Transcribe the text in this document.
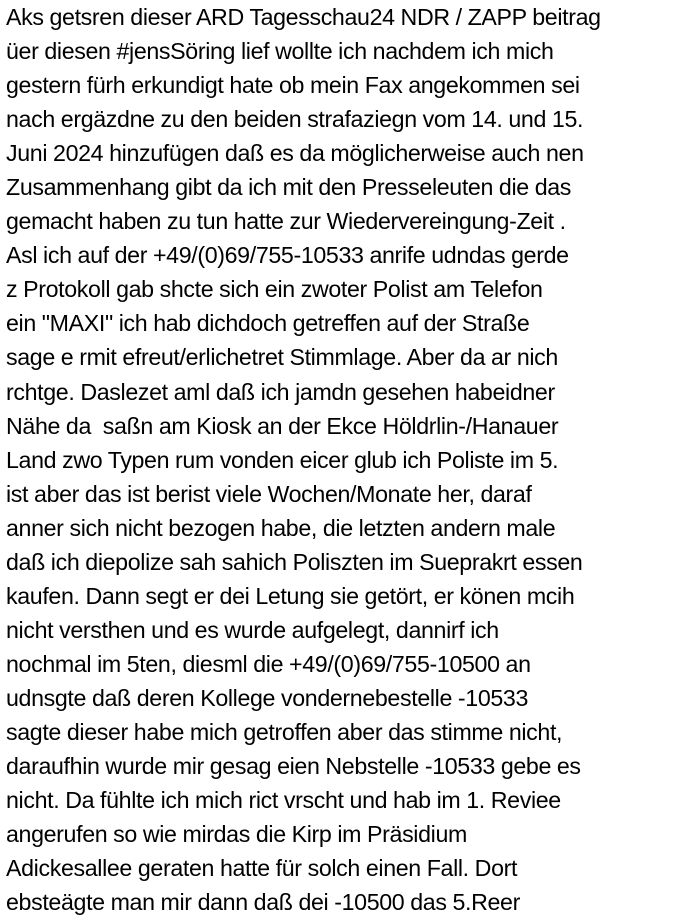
Aks getsren dieser ARD Tagesschau24 NDR / ZAPP beitrag
üer diesen #jensSöring lief wollte ich nachdem ich mich
gestern fürh erkundigt hate ob mein Fax angekommen sei
nach ergäzdne zu den beiden strafaziegn vom 14. und 15.
Juni 2024 hinzufügen daß es da möglicherweise auch nen
Zusammenhang gibt da ich mit den Presseleuten die das
gemacht haben zu tun hatte zur Wiedervereingung-Zeit .
Asl ich auf der +49/(0)69/755-10533 anrife udndas gerde
z Protokoll gab shcte sich ein zwoter Polist am Telefon
ein "MAXI" ich hab dichdoch getreffen auf der Straße
sage e rmit efreut/erlichetret Stimmlage. Aber da ar nich
rchtge. Daslezet aml daß ich jamdn gesehen habeidner
Nähe da  saßn am Kiosk an der Ekce Höldrlin-/Hanauer
Land zwo Typen rum vonden eicer glub ich Poliste im 5.
ist aber das ist berist viele Wochen/Monate her, daraf
anner sich nicht bezogen habe, die letzten andern male
daß ich diepolize sah sahich Poliszten im Sueprakrt essen
kaufen. Dann segt er dei Letung sie getört, er könen mcih
nicht versthen und es wurde aufgelegt, dannirf ich
nochmal im 5ten, diesml die +49/(0)69/755-10500 an
udnsgte daß deren Kollege vondernebestelle -10533
sagte dieser habe mich getroffen aber das stimme nicht,
daraufhin wurde mir gesag eien Nebstelle -10533 gebe es
nicht. Da fühlte ich mich rict vrscht und hab im 1. Reviee
angerufen so wie mirdas die Kirp im Präsidium
Adickesallee geraten hatte für solch einen Fall. Dort
ebsteägte man mir dann daß dei -10500 das 5.Reer
